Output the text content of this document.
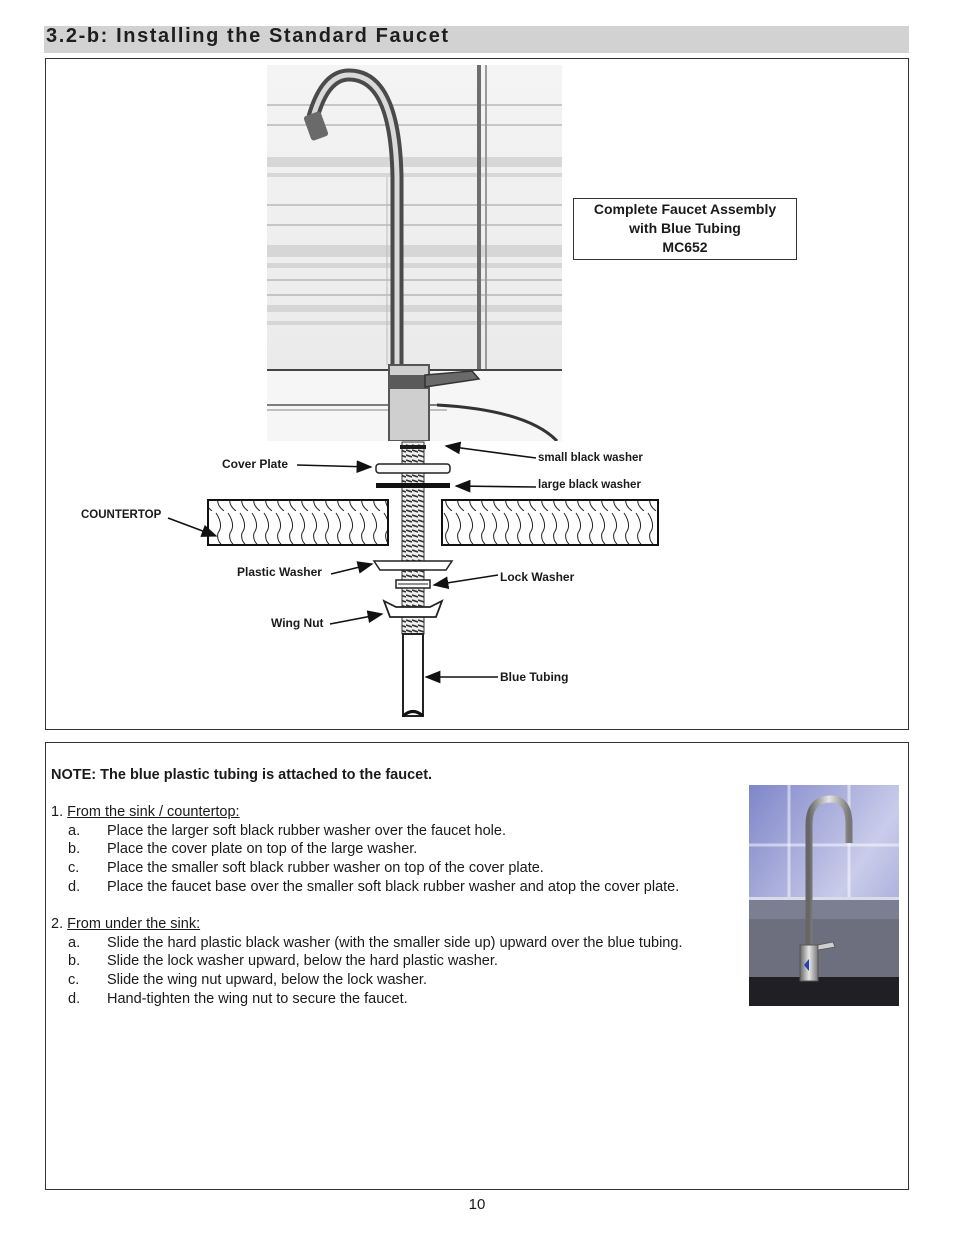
3.2-b: Installing the Standard Faucet
Complete Faucet Assembly
with Blue Tubing
MC652
Cover Plate
COUNTERTOP
Plastic Washer
Wing Nut
small black washer
large black washer
Lock Washer
Blue Tubing
NOTE: The blue plastic tubing is attached to the faucet.
1. From the sink / countertop:
a. Place the larger soft black rubber washer over the faucet hole.
b. Place the cover plate on top of the large washer.
c. Place the smaller soft black rubber washer on top of the cover plate.
d. Place the faucet base over the smaller soft black rubber washer and atop the cover plate.
2. From under the sink:
a. Slide the hard plastic black washer (with the smaller side up) upward over the blue tubing.
b. Slide the lock washer upward, below the hard plastic washer.
c. Slide the wing nut upward, below the lock washer.
d. Hand-tighten the wing nut to secure the faucet.
10
